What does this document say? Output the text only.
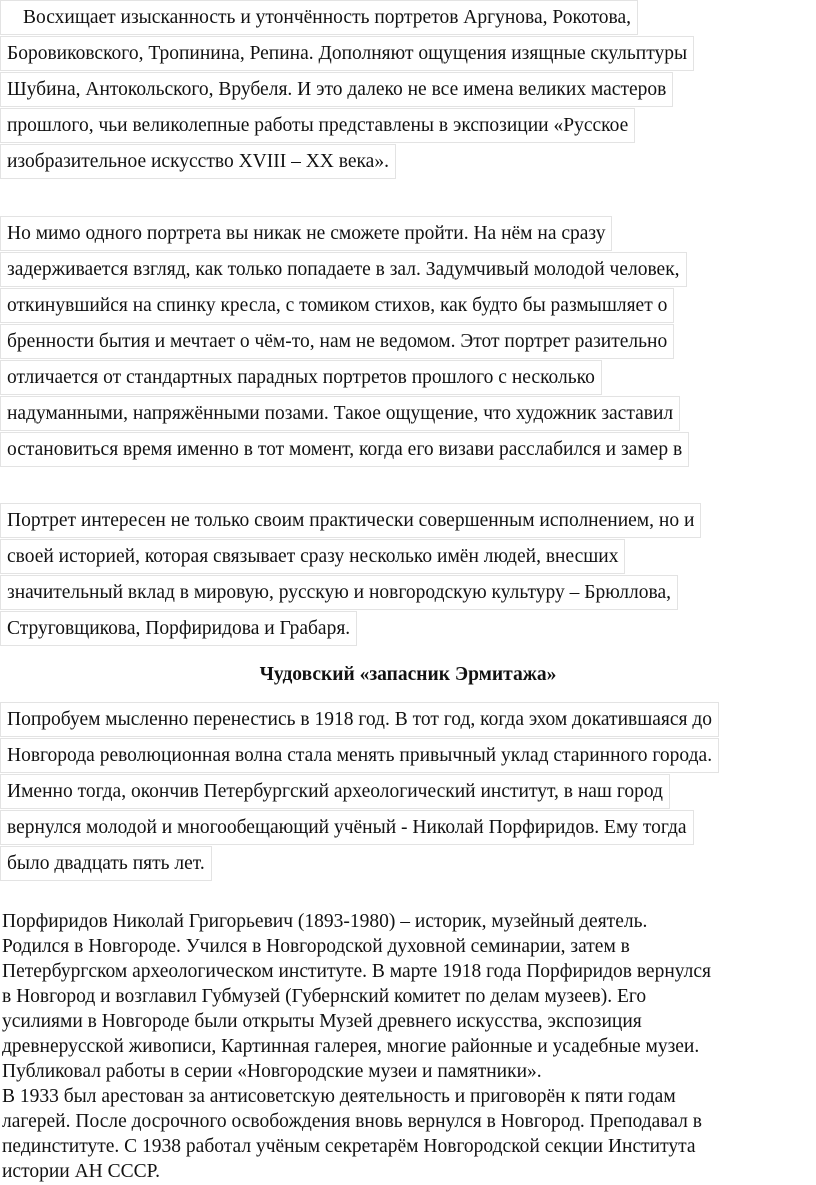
Восхищает изысканность и утончённость портретов Аргунова, Рокотова,
Боровиковского, Тропинина, Репина. Дополняют ощущения изящные скульптуры
Шубина, Антокольского, Врубеля. И это далеко не все имена великих мастеров
прошлого, чьи великолепные работы представлены в экспозиции «Русское
изобразительное искусство XVIII – XX века».
Но мимо одного портрета вы никак не сможете пройти. На нём на сразу
задерживается взгляд, как только попадаете в зал. Задумчивый молодой человек,
откинувшийся на спинку кресла, с томиком стихов, как будто бы размышляет о
бренности бытия и мечтает о чём-то, нам не ведомом. Этот портрет разительно
отличается от стандартных парадных портретов прошлого с несколько
надуманными, напряжёнными позами. Такое ощущение, что художник заставил
остановиться время именно в тот момент, когда его визави расслабился и замер в
Портрет интересен не только своим практически совершенным исполнением, но и
своей историей, которая связывает сразу несколько имён людей, внесших
значительный вклад в мировую, русскую и новгородскую культуру – Брюллова,
Струговщикова, Порфиридова и Грабаря.
Чудовский «запасник Эрмитажа»
Попробуем мысленно перенестись в 1918 год. В тот год, когда эхом докатившаяся до
Новгорода революционная волна стала менять привычный уклад старинного города.
Именно тогда, окончив Петербургский археологический институт, в наш город
вернулся молодой и многообещающий учёный - Николай Порфиридов. Ему тогда
было двадцать пять лет.
Порфиридов Николай Григорьевич (1893-1980) – историк, музейный деятель.
Родился в Новгороде. Учился в Новгородской духовной семинарии, затем в
Петербургском археологическом институте. В марте 1918 года Порфиридов вернулся
в Новгород и возглавил Губмузей (Губернский комитет по делам музеев). Его
усилиями в Новгороде были открыты Музей древнего искусства, экспозиция
древнерусской живописи, Картинная галерея, многие районные и усадебные музеи.
Публиковал работы в серии «Новгородские музеи и памятники».
В 1933 был арестован за антисоветскую деятельность и приговорён к пяти годам
лагерей. После досрочного освобождения вновь вернулся в Новгород. Преподавал в
пединституте. С 1938 работал учёным секретарём Новгородской секции Института
истории АН СССР.
